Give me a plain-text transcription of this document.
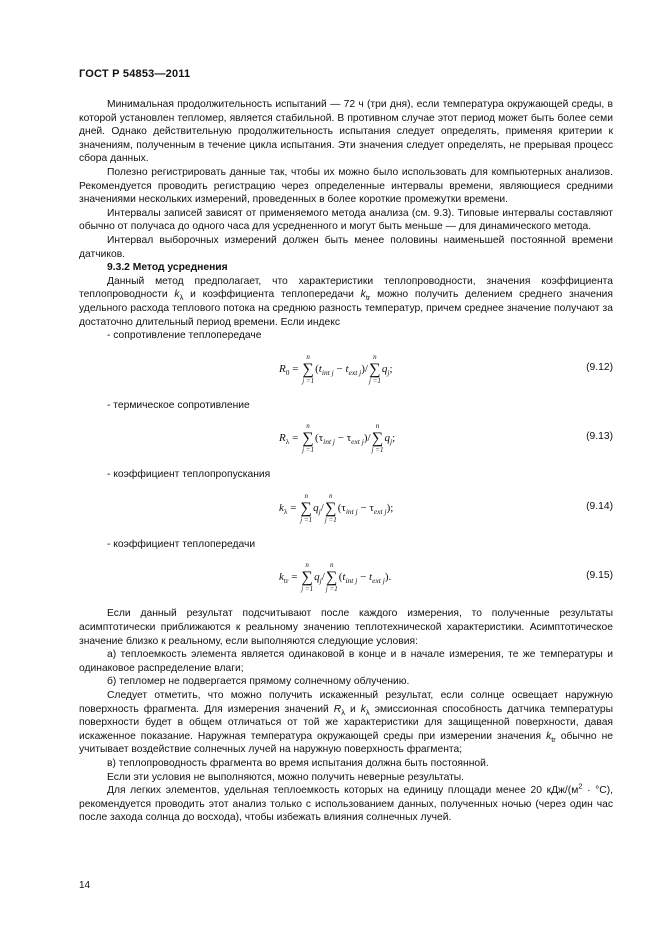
ГОСТ Р 54853—2011

Минимальная продолжительность испытаний — 72 ч (три дня), если температура окружающей среды, в которой установлен тепломер, является стабильной. В противном случае этот период может быть более семи дней. Однако действительную продолжительность испытания следует определять, применяя критерии к значениям, полученным в течение цикла испытания. Эти значения следует определять, не прерывая процесс сбора данных.

Полезно регистрировать данные так, чтобы их можно было использовать для компьютерных анализов. Рекомендуется проводить регистрацию через определенные интервалы времени, являющиеся средними значениями нескольких измерений, проведенных в более короткие промежутки времени.

Интервалы записей зависят от применяемого метода анализа (см. 9.3). Типовые интервалы составляют обычно от получаса до одного часа для усредненного и могут быть меньше — для динамического метода.

Интервал выборочных измерений должен быть менее половины наименьшей постоянной времени датчиков.

9.3.2 Метод усреднения

Данный метод предполагает, что характеристики теплопроводности, значения коэффициента теплопроводности $k_\lambda$ и коэффициента теплопередачи $k_{tr}$ можно получить делением среднего значения удельного расхода теплового потока на среднюю разность температур, причем среднее значение получают за достаточно длительный период времени. Если индекс

- сопротивление теплопередаче
$R_0$ =
n
∑
j =1
$(t_{int j} - t_{ext j})/$
n
∑
j =1
$q_j$;	(9.12)
- термическое сопротивление
$R_\lambda$ =
n
∑
j =1
$(\tau_{int j} - \tau_{ext j})/$
n
∑
j =1
$q_j$;	(9.13)
- коэффициент теплопропускания
$k_\lambda$ =
n
∑
j =1
$q_j/$
n
∑
j =1
$(\tau_{int j} - \tau_{ext j})$;	(9.14)
- коэффициент теплопередачи
$k_{tr}$ =
n
∑
j =1
$q_j/$
n
∑
j =1
$(t_{int j} - t_{ext j})$.	(9.15)

Если данный результат подсчитывают после каждого измерения, то полученные результаты асимптотически приближаются к реальному значению теплотехнической характеристики. Асимптотическое значение близко к реальному, если выполняются следующие условия:

а) теплоемкость элемента является одинаковой в конце и в начале измерения, те же температуры и одинаковое распределение влаги;

б) тепломер не подвергается прямому солнечному облучению.

Следует отметить, что можно получить искаженный результат, если солнце освещает наружную поверхность фрагмента. Для измерения значений $R_\lambda$ и $k_\lambda$ эмиссионная способность датчика температуры поверхности будет в общем отличаться от той же характеристики для защищенной поверхности, давая искаженное показание. Наружная температура окружающей среды при измерении значения $k_{tr}$ обычно не учитывает воздействие солнечных лучей на наружную поверхность фрагмента;

в) теплопроводность фрагмента во время испытания должна быть постоянной.

Если эти условия не выполняются, можно получить неверные результаты.

Для легких элементов, удельная теплоемкость которых на единицу площади менее 20 кДж/$(м^2 \cdot ^\circ С)$, рекомендуется проводить этот анализ только с использованием данных, полученных ночью (через один час после захода солнца до восхода), чтобы избежать влияния солнечных лучей.

14
